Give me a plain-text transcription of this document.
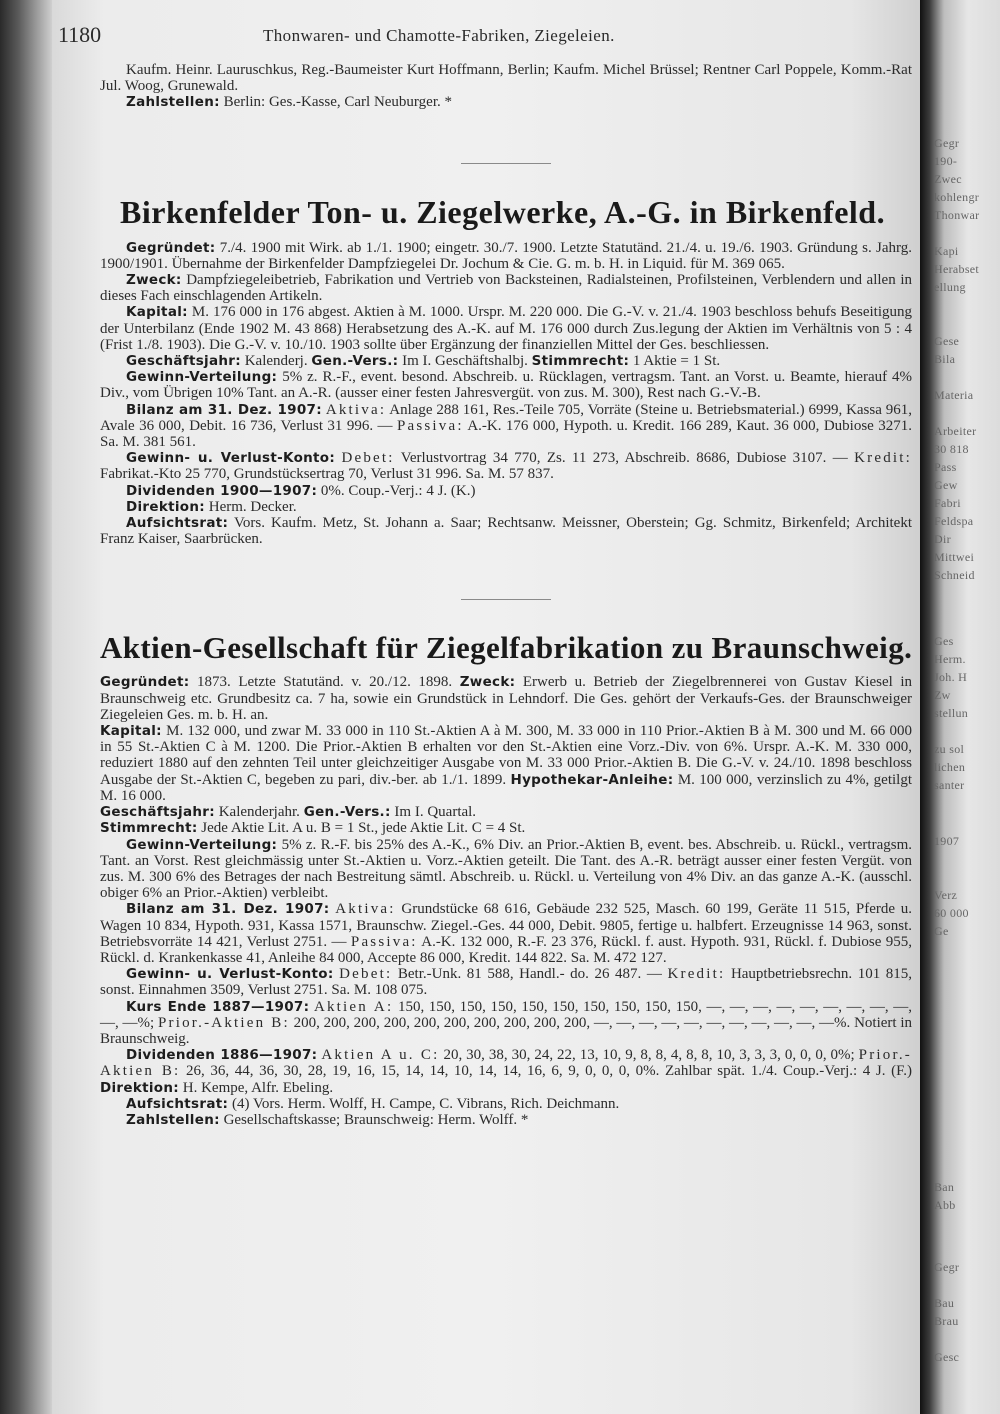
Gegr
190-
Zwec
kohlengr
Thonwar
Kapi
Herabset
ellung
Gese
Bila
Materia
Arbeiter
30 818
Pass
Gew
Fabri
Feldspa
Dir
Mittwei
Schneid
Ges
Herm.
Joh. H
Zw
stellun
zu sol
lichen
santer
1907
Verz
60 000
Ge
Ban
Abb
Gegr
Bau
Brau
Gesc
1180	Thonwaren- und Chamotte-Fabriken, Ziegeleien.

Kaufm. Heinr. Lauruschkus, Reg.-Baumeister Kurt Hoffmann, Berlin; Kaufm. Michel Brüssel; Rentner Carl Poppele, Komm.-Rat Jul. Woog, Grunewald.

Zahlstellen: Berlin: Ges.-Kasse, Carl Neuburger. *

Birkenfelder Ton- u. Ziegelwerke, A.-G. in Birkenfeld.

Gegründet: 7./4. 1900 mit Wirk. ab 1./1. 1900; eingetr. 30./7. 1900. Letzte Statutänd. 21./4. u. 19./6. 1903. Gründung s. Jahrg. 1900/1901. Übernahme der Birkenfelder Dampfziegelei Dr. Jochum & Cie. G. m. b. H. in Liquid. für M. 369 065.

Zweck: Dampfziegeleibetrieb, Fabrikation und Vertrieb von Backsteinen, Radialsteinen, Profilsteinen, Verblendern und allen in dieses Fach einschlagenden Artikeln.

Kapital: M. 176 000 in 176 abgest. Aktien à M. 1000. Urspr. M. 220 000. Die G.-V. v. 21./4. 1903 beschloss behufs Beseitigung der Unterbilanz (Ende 1902 M. 43 868) Herabsetzung des A.-K. auf M. 176 000 durch Zus.legung der Aktien im Verhältnis von 5 : 4 (Frist 1./8. 1903). Die G.-V. v. 10./10. 1903 sollte über Ergänzung der finanziellen Mittel der Ges. beschliessen.

Geschäftsjahr: Kalenderj. Gen.-Vers.: Im I. Geschäftshalbj. Stimmrecht: 1 Aktie = 1 St.

Gewinn-Verteilung: 5% z. R.-F., event. besond. Abschreib. u. Rücklagen, vertragsm. Tant. an Vorst. u. Beamte, hierauf 4% Div., vom Übrigen 10% Tant. an A.-R. (ausser einer festen Jahresvergüt. von zus. M. 300), Rest nach G.-V.-B.

Bilanz am 31. Dez. 1907: Aktiva: Anlage 288 161, Res.-Teile 705, Vorräte (Steine u. Betriebsmaterial.) 6999, Kassa 961, Avale 36 000, Debit. 16 736, Verlust 31 996. — Passiva: A.-K. 176 000, Hypoth. u. Kredit. 166 289, Kaut. 36 000, Dubiose 3271. Sa. M. 381 561.

Gewinn- u. Verlust-Konto: Debet: Verlustvortrag 34 770, Zs. 11 273, Abschreib. 8686, Dubiose 3107. — Kredit: Fabrikat.-Kto 25 770, Grundstücksertrag 70, Verlust 31 996. Sa. M. 57 837.

Dividenden 1900—1907: 0%. Coup.-Verj.: 4 J. (K.)

Direktion: Herm. Decker.

Aufsichtsrat: Vors. Kaufm. Metz, St. Johann a. Saar; Rechtsanw. Meissner, Oberstein; Gg. Schmitz, Birkenfeld; Architekt Franz Kaiser, Saarbrücken.

Aktien-Gesellschaft für Ziegelfabrikation zu Braunschweig.

Gegründet: 1873. Letzte Statutänd. v. 20./12. 1898. Zweck: Erwerb u. Betrieb der Ziegelbrennerei von Gustav Kiesel in Braunschweig etc. Grundbesitz ca. 7 ha, sowie ein Grundstück in Lehndorf. Die Ges. gehört der Verkaufs-Ges. der Braunschweiger Ziegeleien Ges. m. b. H. an.

Kapital: M. 132 000, und zwar M. 33 000 in 110 St.-Aktien A à M. 300, M. 33 000 in 110 Prior.-Aktien B à M. 300 und M. 66 000 in 55 St.-Aktien C à M. 1200. Die Prior.-Aktien B erhalten vor den St.-Aktien eine Vorz.-Div. von 6%. Urspr. A.-K. M. 330 000, reduziert 1880 auf den zehnten Teil unter gleichzeitiger Ausgabe von M. 33 000 Prior.-Aktien B. Die G.-V. v. 24./10. 1898 beschloss Ausgabe der St.-Aktien C, begeben zu pari, div.-ber. ab 1./1. 1899. Hypothekar-Anleihe: M. 100 000, verzinslich zu 4%, getilgt M. 16 000.

Geschäftsjahr: Kalenderjahr. Gen.-Vers.: Im I. Quartal.

Stimmrecht: Jede Aktie Lit. A u. B = 1 St., jede Aktie Lit. C = 4 St.

Gewinn-Verteilung: 5% z. R.-F. bis 25% des A.-K., 6% Div. an Prior.-Aktien B, event. bes. Abschreib. u. Rückl., vertragsm. Tant. an Vorst. Rest gleichmässig unter St.-Aktien u. Vorz.-Aktien geteilt. Die Tant. des A.-R. beträgt ausser einer festen Vergüt. von zus. M. 300 6% des Betrages der nach Bestreitung sämtl. Abschreib. u. Rückl. u. Verteilung von 4% Div. an das ganze A.-K. (ausschl. obiger 6% an Prior.-Aktien) verbleibt.

Bilanz am 31. Dez. 1907: Aktiva: Grundstücke 68 616, Gebäude 232 525, Masch. 60 199, Geräte 11 515, Pferde u. Wagen 10 834, Hypoth. 931, Kassa 1571, Braunschw. Ziegel.-Ges. 44 000, Debit. 9805, fertige u. halbfert. Erzeugnisse 14 963, sonst. Betriebsvorräte 14 421, Verlust 2751. — Passiva: A.-K. 132 000, R.-F. 23 376, Rückl. f. aust. Hypoth. 931, Rückl. f. Dubiose 955, Rückl. d. Krankenkasse 41, Anleihe 84 000, Accepte 86 000, Kredit. 144 822. Sa. M. 472 127.

Gewinn- u. Verlust-Konto: Debet: Betr.-Unk. 81 588, Handl.- do. 26 487. — Kredit: Hauptbetriebsrechn. 101 815, sonst. Einnahmen 3509, Verlust 2751. Sa. M. 108 075.

Kurs Ende 1887—1907: Aktien A: 150, 150, 150, 150, 150, 150, 150, 150, 150, 150, —, —, —, —, —, —, —, —, —, —, —%; Prior.-Aktien B: 200, 200, 200, 200, 200, 200, 200, 200, 200, 200, —, —, —, —, —, —, —, —, —, —, —%. Notiert in Braunschweig.

Dividenden 1886—1907: Aktien A u. C: 20, 30, 38, 30, 24, 22, 13, 10, 9, 8, 8, 4, 8, 8, 10, 3, 3, 3, 0, 0, 0, 0%; Prior.-Aktien B: 26, 36, 44, 36, 30, 28, 19, 16, 15, 14, 14, 10, 14, 14, 16, 6, 9, 0, 0, 0, 0%. Zahlbar spät. 1./4. Coup.-Verj.: 4 J. (F.) Direktion: H. Kempe, Alfr. Ebeling.

Aufsichtsrat: (4) Vors. Herm. Wolff, H. Campe, C. Vibrans, Rich. Deichmann.

Zahlstellen: Gesellschaftskasse; Braunschweig: Herm. Wolff. *
